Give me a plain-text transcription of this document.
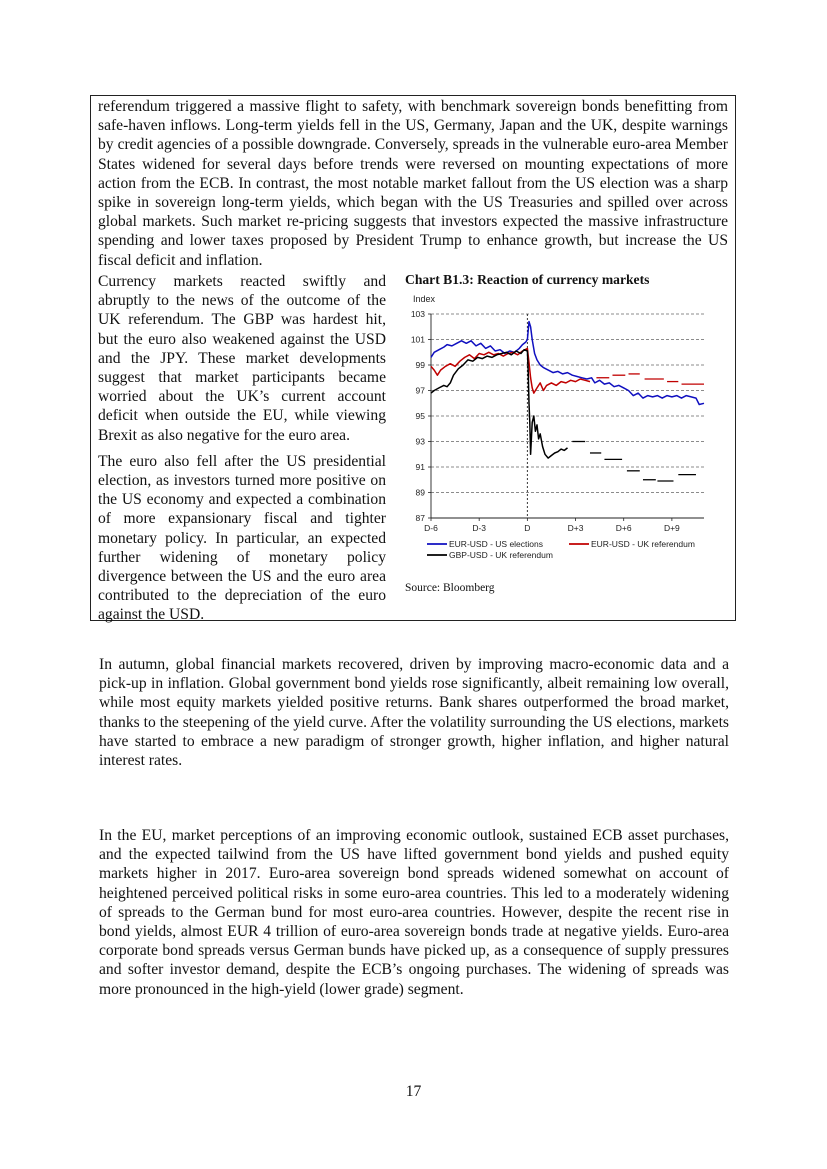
referendum triggered a massive flight to safety, with benchmark sovereign bonds benefitting from safe-haven inflows. Long-term yields fell in the US, Germany, Japan and the UK, despite warnings by credit agencies of a possible downgrade. Conversely, spreads in the vulnerable euro-area Member States widened for several days before trends were reversed on mounting expectations of more action from the ECB. In contrast, the most notable market fallout from the US election was a sharp spike in sovereign long-term yields, which began with the US Treasuries and spilled over across global markets. Such market re-pricing suggests that investors expected the massive infrastructure spending and lower taxes proposed by President Trump to enhance growth, but increase the US fiscal deficit and inflation.

Currency markets reacted swiftly and abruptly to the news of the outcome of the UK referendum. The GBP was hardest hit, but the euro also weakened against the USD and the JPY. These market developments suggest that market participants became worried about the UK’s current account deficit when outside the EU, while viewing Brexit as also negative for the euro area.

The euro also fell after the US presidential election, as investors turned more positive on the US economy and expected a combination of more expansionary fiscal and tighter monetary policy. In particular, an expected further widening of monetary policy divergence between the US and the euro area contributed to the depreciation of the euro against the USD.

Chart B1.3: Reaction of currency markets

Index
87
89
91
93
95
97
99
101
103
D-6	D-3	D	D+3	D+6	D+9
EUR-USD - US elections	EUR-USD - UK referendum
GBP-USD - UK referendum

Source: Bloomberg

In autumn, global financial markets recovered, driven by improving macro-economic data and a pick-up in inflation. Global government bond yields rose significantly, albeit remaining low overall, while most equity markets yielded positive returns. Bank shares outperformed the broad market, thanks to the steepening of the yield curve. After the volatility surrounding the US elections, markets have started to embrace a new paradigm of stronger growth, higher inflation, and higher natural interest rates.

In the EU, market perceptions of an improving economic outlook, sustained ECB asset purchases, and the expected tailwind from the US have lifted government bond yields and pushed equity markets higher in 2017. Euro-area sovereign bond spreads widened somewhat on account of heightened perceived political risks in some euro-area countries. This led to a moderately widening of spreads to the German bund for most euro-area countries. However, despite the recent rise in bond yields, almost EUR 4 trillion of euro-area sovereign bonds trade at negative yields. Euro-area corporate bond spreads versus German bunds have picked up, as a consequence of supply pressures and softer investor demand, despite the ECB’s ongoing purchases. The widening of spreads was more pronounced in the high-yield (lower grade) segment.

17
